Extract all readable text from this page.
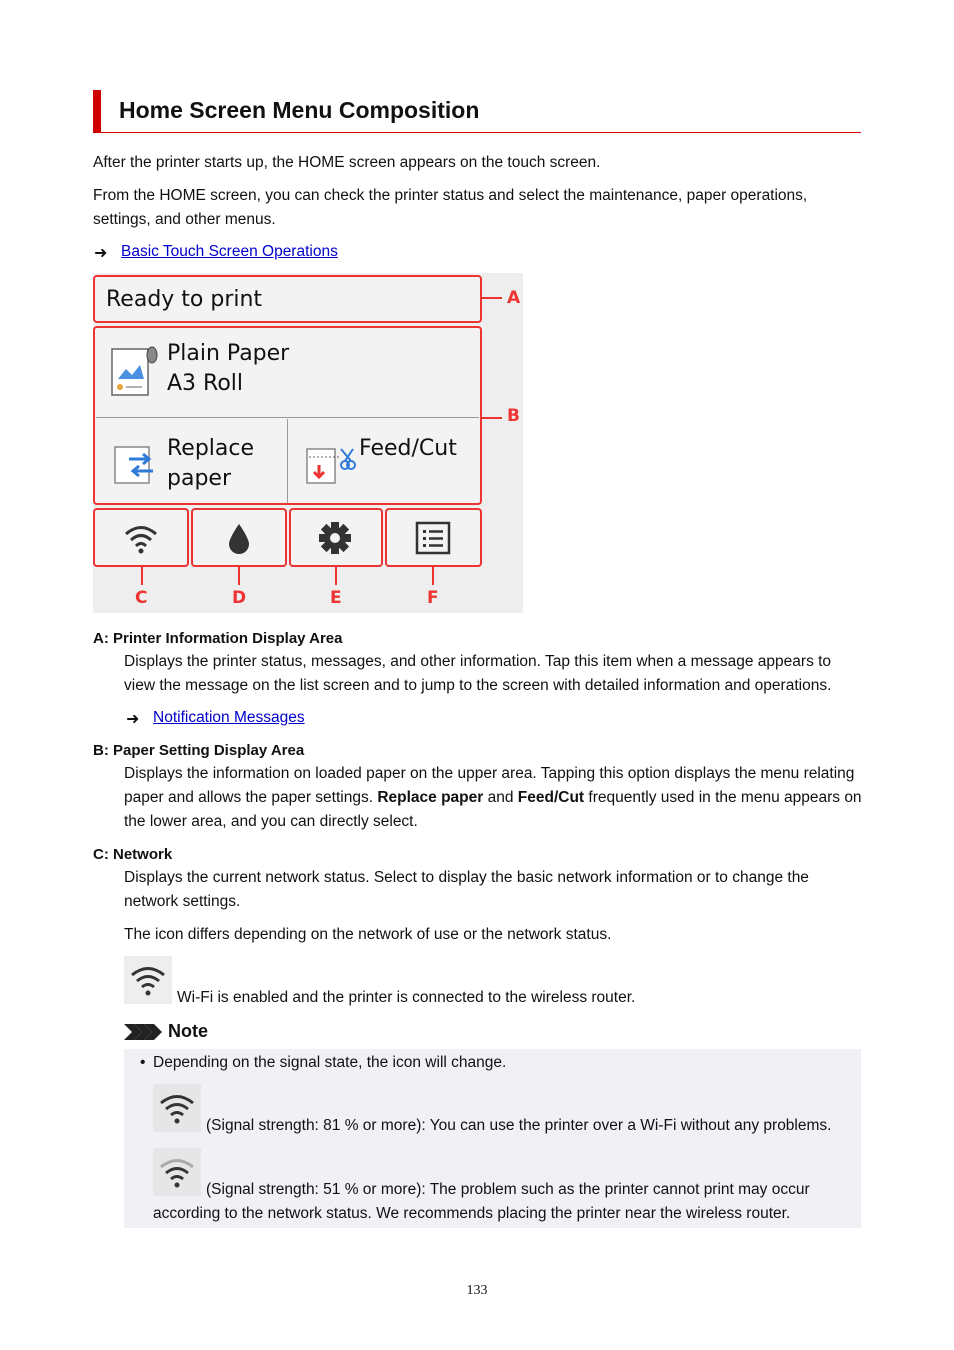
Home Screen Menu Composition

After the printer starts up, the HOME screen appears on the touch screen.

From the HOME screen, you can check the printer status and select the maintenance, paper operations, settings, and other menus.

➜ Basic Touch Screen Operations
Ready to print
Plain Paper
A3 Roll
Replace
paper
Feed/Cut
A
B
C	D	E	F
A: Printer Information Display Area

Displays the printer status, messages, and other information. Tap this item when a message appears to view the message on the list screen and to jump to the screen with detailed information and operations.

➜ Notification Messages
B: Paper Setting Display Area

Displays the information on loaded paper on the upper area. Tapping this option displays the menu relating paper and allows the paper settings. Replace paper and Feed/Cut frequently used in the menu appears on the lower area, and you can directly select.

C: Network

Displays the current network status. Select to display the basic network information or to change the network settings.

The icon differs depending on the network of use or the network status.

Wi-Fi is enabled and the printer is connected to the wireless router.

Note
• Depending on the signal state, the icon will change.

(Signal strength: 81 % or more): You can use the printer over a Wi-Fi without any problems.

(Signal strength: 51 % or more): The problem such as the printer cannot print may occur

according to the network status. We recommends placing the printer near the wireless router.

133
